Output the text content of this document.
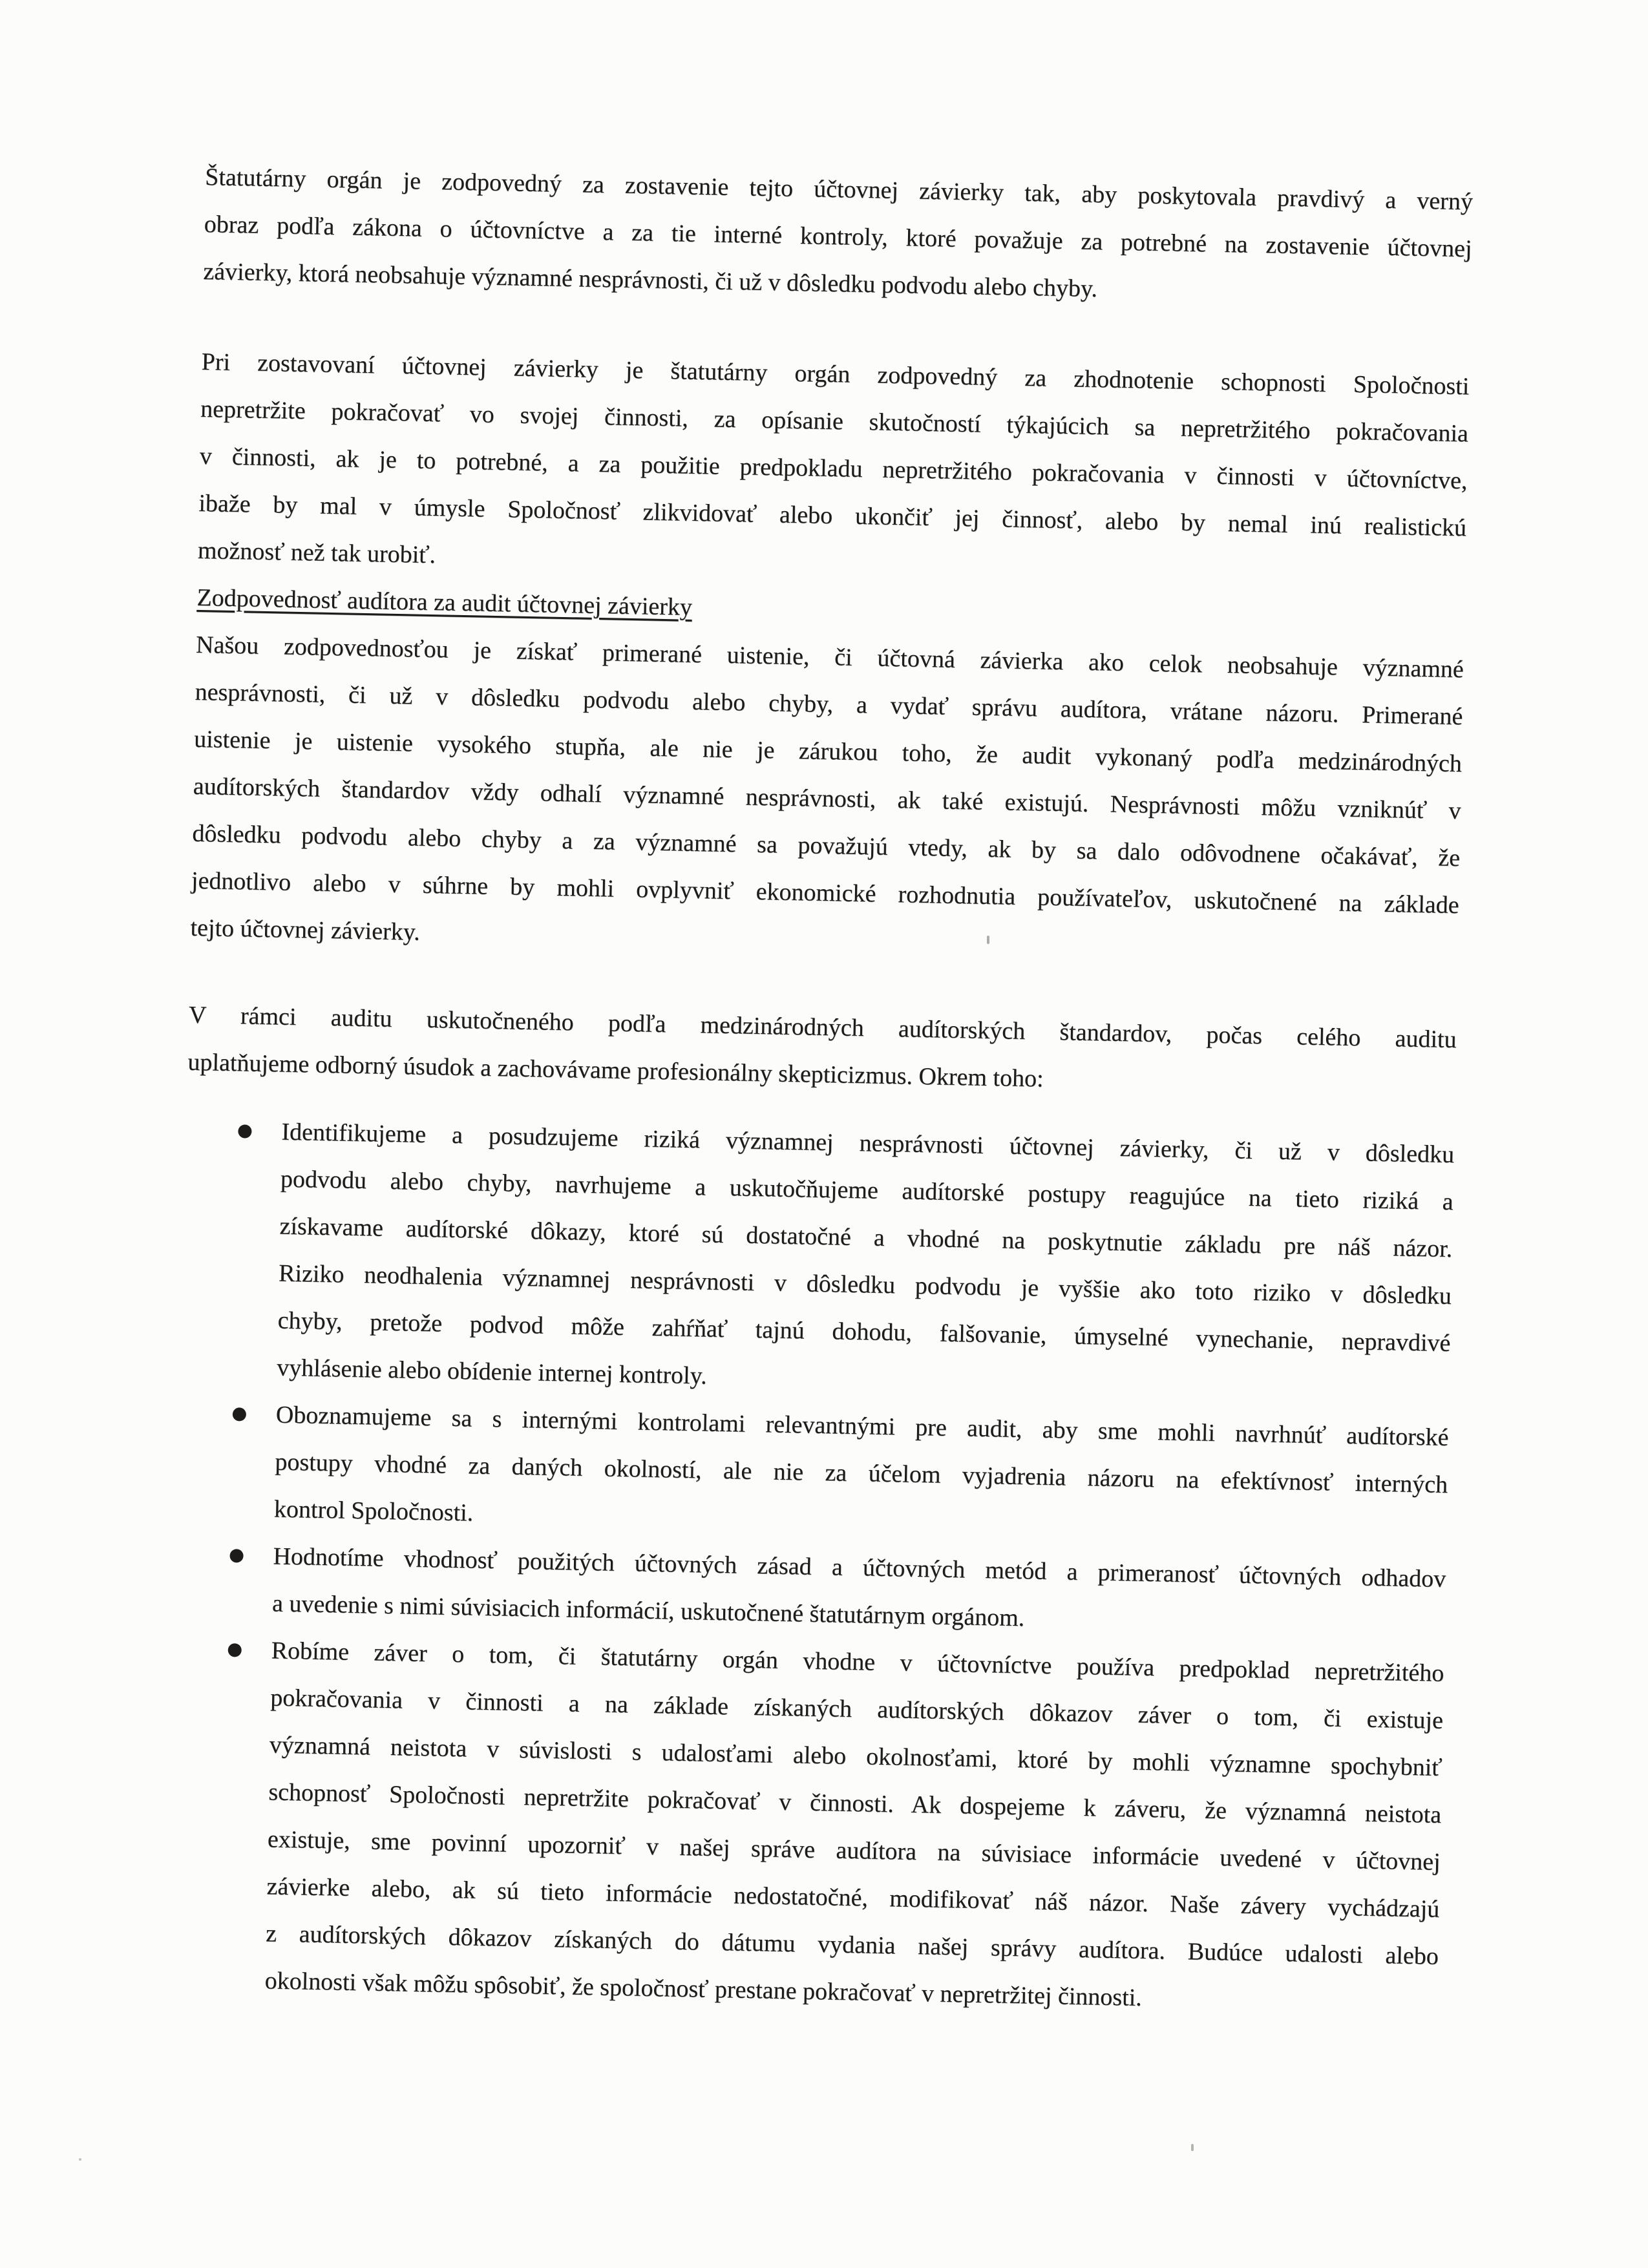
Štatutárny orgán je zodpovedný za zostavenie tejto účtovnej závierky tak, aby poskytovala pravdivý a verný
obraz podľa zákona o účtovníctve a za tie interné kontroly, ktoré považuje za potrebné na zostavenie účtovnej
závierky, ktorá neobsahuje významné nesprávnosti, či už v dôsledku podvodu alebo chyby.
Pri zostavovaní účtovnej závierky je štatutárny orgán zodpovedný za zhodnotenie schopnosti Spoločnosti
nepretržite pokračovať vo svojej činnosti, za opísanie skutočností týkajúcich sa nepretržitého pokračovania
v činnosti, ak je to potrebné, a za použitie predpokladu nepretržitého pokračovania v činnosti v účtovníctve,
ibaže by mal v úmysle Spoločnosť zlikvidovať alebo ukončiť jej činnosť, alebo by nemal inú realistickú
možnosť než tak urobiť.
Zodpovednosť audítora za audit účtovnej závierky
Našou zodpovednosťou je získať primerané uistenie, či účtovná závierka ako celok neobsahuje významné
nesprávnosti, či už v dôsledku podvodu alebo chyby, a vydať správu audítora, vrátane názoru. Primerané
uistenie je uistenie vysokého stupňa, ale nie je zárukou toho, že audit vykonaný podľa medzinárodných
audítorských štandardov vždy odhalí významné nesprávnosti, ak také existujú. Nesprávnosti môžu vzniknúť v
dôsledku podvodu alebo chyby a za významné sa považujú vtedy, ak by sa dalo odôvodnene očakávať, že
jednotlivo alebo v súhrne by mohli ovplyvniť ekonomické rozhodnutia používateľov, uskutočnené na základe
tejto účtovnej závierky.
V rámci auditu uskutočneného podľa medzinárodných audítorských štandardov, počas celého auditu
uplatňujeme odborný úsudok a zachovávame profesionálny skepticizmus. Okrem toho:
Identifikujeme a posudzujeme riziká významnej nesprávnosti účtovnej závierky, či už v dôsledku
podvodu alebo chyby, navrhujeme a uskutočňujeme audítorské postupy reagujúce na tieto riziká a
získavame audítorské dôkazy, ktoré sú dostatočné a vhodné na poskytnutie základu pre náš názor.
Riziko neodhalenia významnej nesprávnosti v dôsledku podvodu je vyššie ako toto riziko v dôsledku
chyby, pretože podvod môže zahŕňať tajnú dohodu, falšovanie, úmyselné vynechanie, nepravdivé
vyhlásenie alebo obídenie internej kontroly.
Oboznamujeme sa s internými kontrolami relevantnými pre audit, aby sme mohli navrhnúť audítorské
postupy vhodné za daných okolností, ale nie za účelom vyjadrenia názoru na efektívnosť interných
kontrol Spoločnosti.
Hodnotíme vhodnosť použitých účtovných zásad a účtovných metód a primeranosť účtovných odhadov
a uvedenie s nimi súvisiacich informácií, uskutočnené štatutárnym orgánom.
Robíme záver o tom, či štatutárny orgán vhodne v účtovníctve používa predpoklad nepretržitého
pokračovania v činnosti a na základe získaných audítorských dôkazov záver o tom, či existuje
významná neistota v súvislosti s udalosťami alebo okolnosťami, ktoré by mohli významne spochybniť
schopnosť Spoločnosti nepretržite pokračovať v činnosti. Ak dospejeme k záveru, že významná neistota
existuje, sme povinní upozorniť v našej správe audítora na súvisiace informácie uvedené v účtovnej
závierke alebo, ak sú tieto informácie nedostatočné, modifikovať náš názor. Naše závery vychádzajú
z audítorských dôkazov získaných do dátumu vydania našej správy audítora. Budúce udalosti alebo
okolnosti však môžu spôsobiť, že spoločnosť prestane pokračovať v nepretržitej činnosti.
